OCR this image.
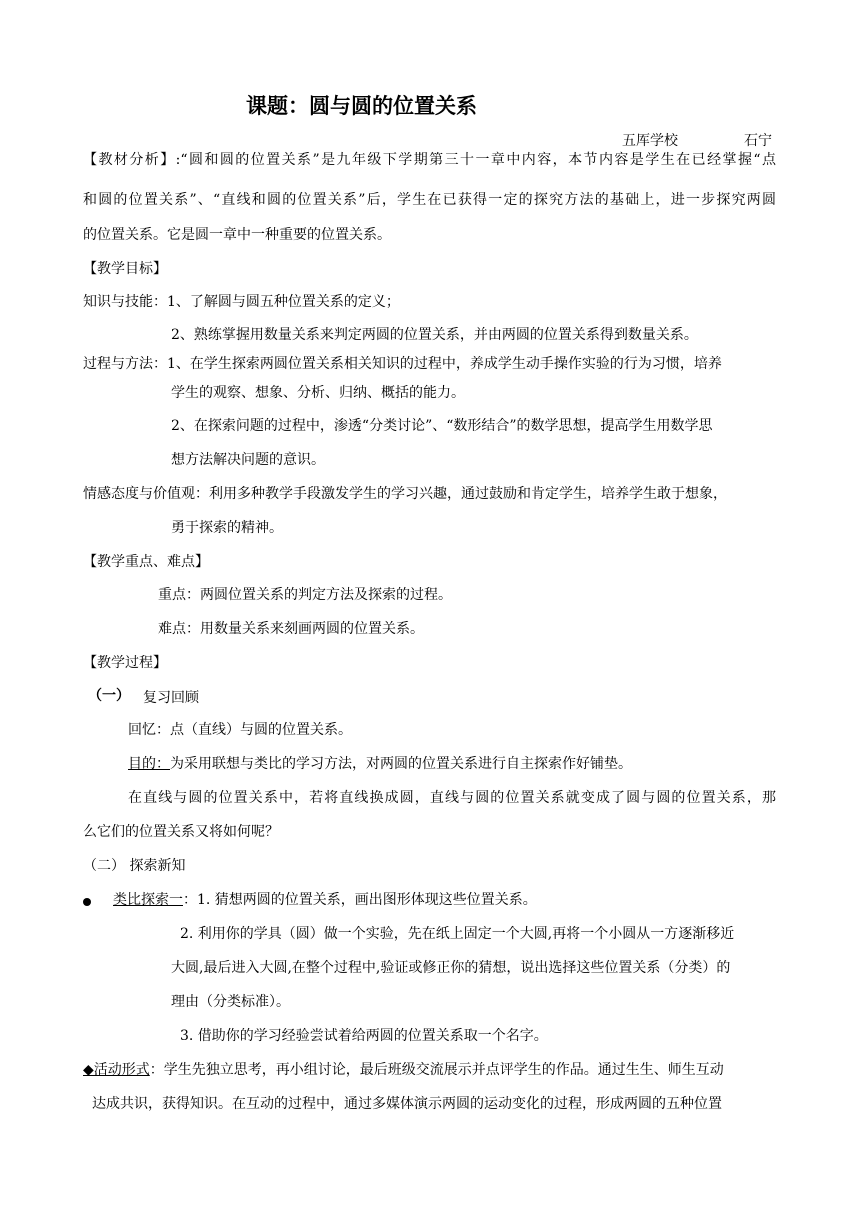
课题：圆与圆的位置关系
五厍学校	石宁
【教材分析】:“圆和圆的位置关系”是九年级下学期第三十一章中内容，本节内容是学生在已经掌握“点
和圆的位置关系”、“直线和圆的位置关系”后，学生在已获得一定的探究方法的基础上，进一步探究两圆
的位置关系。它是圆一章中一种重要的位置关系。
【教学目标】
知识与技能：1、了解圆与圆五种位置关系的定义；
2、熟练掌握用数量关系来判定两圆的位置关系，并由两圆的位置关系得到数量关系。
过程与方法：1、在学生探索两圆位置关系相关知识的过程中，养成学生动手操作实验的行为习惯，培养
学生的观察、想象、分析、归纳、概括的能力。
2、在探索问题的过程中，渗透“分类讨论”、“数形结合”的数学思想，提高学生用数学思
想方法解决问题的意识。
情感态度与价值观：利用多种教学手段激发学生的学习兴趣，通过鼓励和肯定学生，培养学生敢于想象，
勇于探索的精神。
【教学重点、难点】
重点：两圆位置关系的判定方法及探索的过程。
难点：用数量关系来刻画两圆的位置关系。
【教学过程】
（一） 复习回顾
回忆：点（直线）与圆的位置关系。
目的：为采用联想与类比的学习方法，对两圆的位置关系进行自主探索作好铺垫。
在直线与圆的位置关系中，若将直线换成圆，直线与圆的位置关系就变成了圆与圆的位置关系，那
么它们的位置关系又将如何呢？
（二） 探索新知
类比探索一：1. 猜想两圆的位置关系，画出图形体现这些位置关系。
2. 利用你的学具（圆）做一个实验，先在纸上固定一个大圆,再将一个小圆从一方逐渐移近
大圆,最后进入大圆,在整个过程中,验证或修正你的猜想，说出选择这些位置关系（分类）的
理由（分类标准）。
3. 借助你的学习经验尝试着给两圆的位置关系取一个名字。
◆活动形式：学生先独立思考，再小组讨论，最后班级交流展示并点评学生的作品。通过生生、师生互动
达成共识，获得知识。在互动的过程中，通过多媒体演示两圆的运动变化的过程，形成两圆的五种位置
